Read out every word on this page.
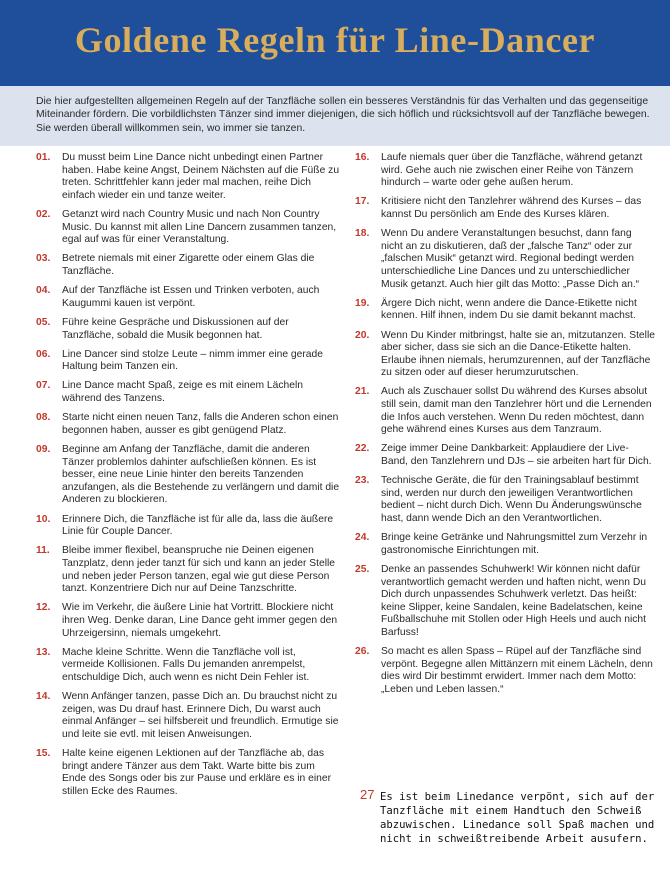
Goldene Regeln für Line-Dancer

Die hier aufgestellten allgemeinen Regeln auf der Tanzfläche sollen ein besseres Verständnis für das Verhalten und das gegenseitige Miteinander fördern. Die vorbildlichsten Tänzer sind immer diejenigen, die sich höflich und rücksichtsvoll auf der Tanzfläche bewegen. Sie werden überall willkommen sein, wo immer sie tanzen.

01. Du musst beim Line Dance nicht unbedingt einen Partner haben. Habe keine Angst, Deinem Nächsten auf die Füße zu treten. Schrittfehler kann jeder mal machen, reihe Dich einfach wieder ein und tanze weiter.
02. Getanzt wird nach Country Music und nach Non Country Music. Du kannst mit allen Line Dancern zusammen tanzen, egal auf was für einer Veranstaltung.
03. Betrete niemals mit einer Zigarette oder einem Glas die Tanzfläche.
04. Auf der Tanzfläche ist Essen und Trinken verboten, auch Kaugummi kauen ist verpönt.
05. Führe keine Gespräche und Diskussionen auf der Tanzfläche, sobald die Musik begonnen hat.
06. Line Dancer sind stolze Leute – nimm immer eine gerade Haltung beim Tanzen ein.
07. Line Dance macht Spaß, zeige es mit einem Lächeln während des Tanzens.
08. Starte nicht einen neuen Tanz, falls die Anderen schon einen begonnen haben, ausser es gibt genügend Platz.
09. Beginne am Anfang der Tanzfläche, damit die anderen Tänzer problemlos dahinter aufschließen können. Es ist besser, eine neue Linie hinter den bereits Tanzenden anzufangen, als die Bestehende zu verlängern und damit die Anderen zu blockieren.
10. Erinnere Dich, die Tanzfläche ist für alle da, lass die äußere Linie für Couple Dancer.
11. Bleibe immer flexibel, beanspruche nie Deinen eigenen Tanzplatz, denn jeder tanzt für sich und kann an jeder Stelle und neben jeder Person tanzen, egal wie gut diese Person tanzt. Konzentriere Dich nur auf Deine Tanzschritte.
12. Wie im Verkehr, die äußere Linie hat Vortritt. Blockiere nicht ihren Weg. Denke daran, Line Dance geht immer gegen den Uhrzeigersinn, niemals umgekehrt.
13. Mache kleine Schritte. Wenn die Tanzfläche voll ist, vermeide Kollisionen. Falls Du jemanden anrempelst, entschuldige Dich, auch wenn es nicht Dein Fehler ist.
14. Wenn Anfänger tanzen, passe Dich an. Du brauchst nicht zu zeigen, was Du drauf hast. Erinnere Dich, Du warst auch einmal Anfänger – sei hilfsbereit und freundlich. Ermutige sie und leite sie evtl. mit leisen Anweisungen.
15. Halte keine eigenen Lektionen auf der Tanzfläche ab, das bringt andere Tänzer aus dem Takt. Warte bitte bis zum Ende des Songs oder bis zur Pause und erkläre es in einer stillen Ecke des Raumes.
16. Laufe niemals quer über die Tanzfläche, während getanzt wird. Gehe auch nie zwischen einer Reihe von Tänzern hindurch – warte oder gehe außen herum.
17. Kritisiere nicht den Tanzlehrer während des Kurses – das kannst Du persönlich am Ende des Kurses klären.
18. Wenn Du andere Veranstaltungen besuchst, dann fang nicht an zu diskutieren, daß der „falsche Tanz“ oder zur „falschen Musik“ getanzt wird. Regional bedingt werden unterschiedliche Line Dances und zu unterschiedlicher Musik getanzt. Auch hier gilt das Motto: „Passe Dich an.“
19. Ärgere Dich nicht, wenn andere die Dance-Etikette nicht kennen. Hilf ihnen, indem Du sie damit bekannt machst.
20. Wenn Du Kinder mitbringst, halte sie an, mitzutanzen. Stelle aber sicher, dass sie sich an die Dance-Etikette halten. Erlaube ihnen niemals, herumzurennen, auf der Tanzfläche zu sitzen oder auf dieser herumzurutschen.
21. Auch als Zuschauer sollst Du während des Kurses absolut still sein, damit man den Tanzlehrer hört und die Lernenden die Infos auch verstehen. Wenn Du reden möchtest, dann gehe während eines Kurses aus dem Tanzraum.
22. Zeige immer Deine Dankbarkeit: Applaudiere der Live-Band, den Tanzlehrern und DJs – sie arbeiten hart für Dich.
23. Technische Geräte, die für den Trainingsablauf bestimmt sind, werden nur durch den jeweiligen Verantwortlichen bedient – nicht durch Dich. Wenn Du Änderungswünsche hast, dann wende Dich an den Verantwortlichen.
24. Bringe keine Getränke und Nahrungsmittel zum Verzehr in gastronomische Einrichtungen mit.
25. Denke an passendes Schuhwerk! Wir können nicht dafür verantwortlich gemacht werden und haften nicht, wenn Du Dich durch unpassendes Schuhwerk verletzt. Das heißt: keine Slipper, keine Sandalen, keine Badelatschen, keine Fußballschuhe mit Stollen oder High Heels und auch nicht Barfuss!
26. So macht es allen Spass – Rüpel auf der Tanzfläche sind verpönt. Begegne allen Mittänzern mit einem Lächeln, denn dies wird Dir bestimmt erwidert. Immer nach dem Motto: „Leben und Leben lassen.“
27 Es ist beim Linedance verpönt, sich auf der Tanzfläche mit einem Handtuch den Schweiß abzuwischen. Linedance soll Spaß machen und nicht in schweißtreibende Arbeit ausufern.
